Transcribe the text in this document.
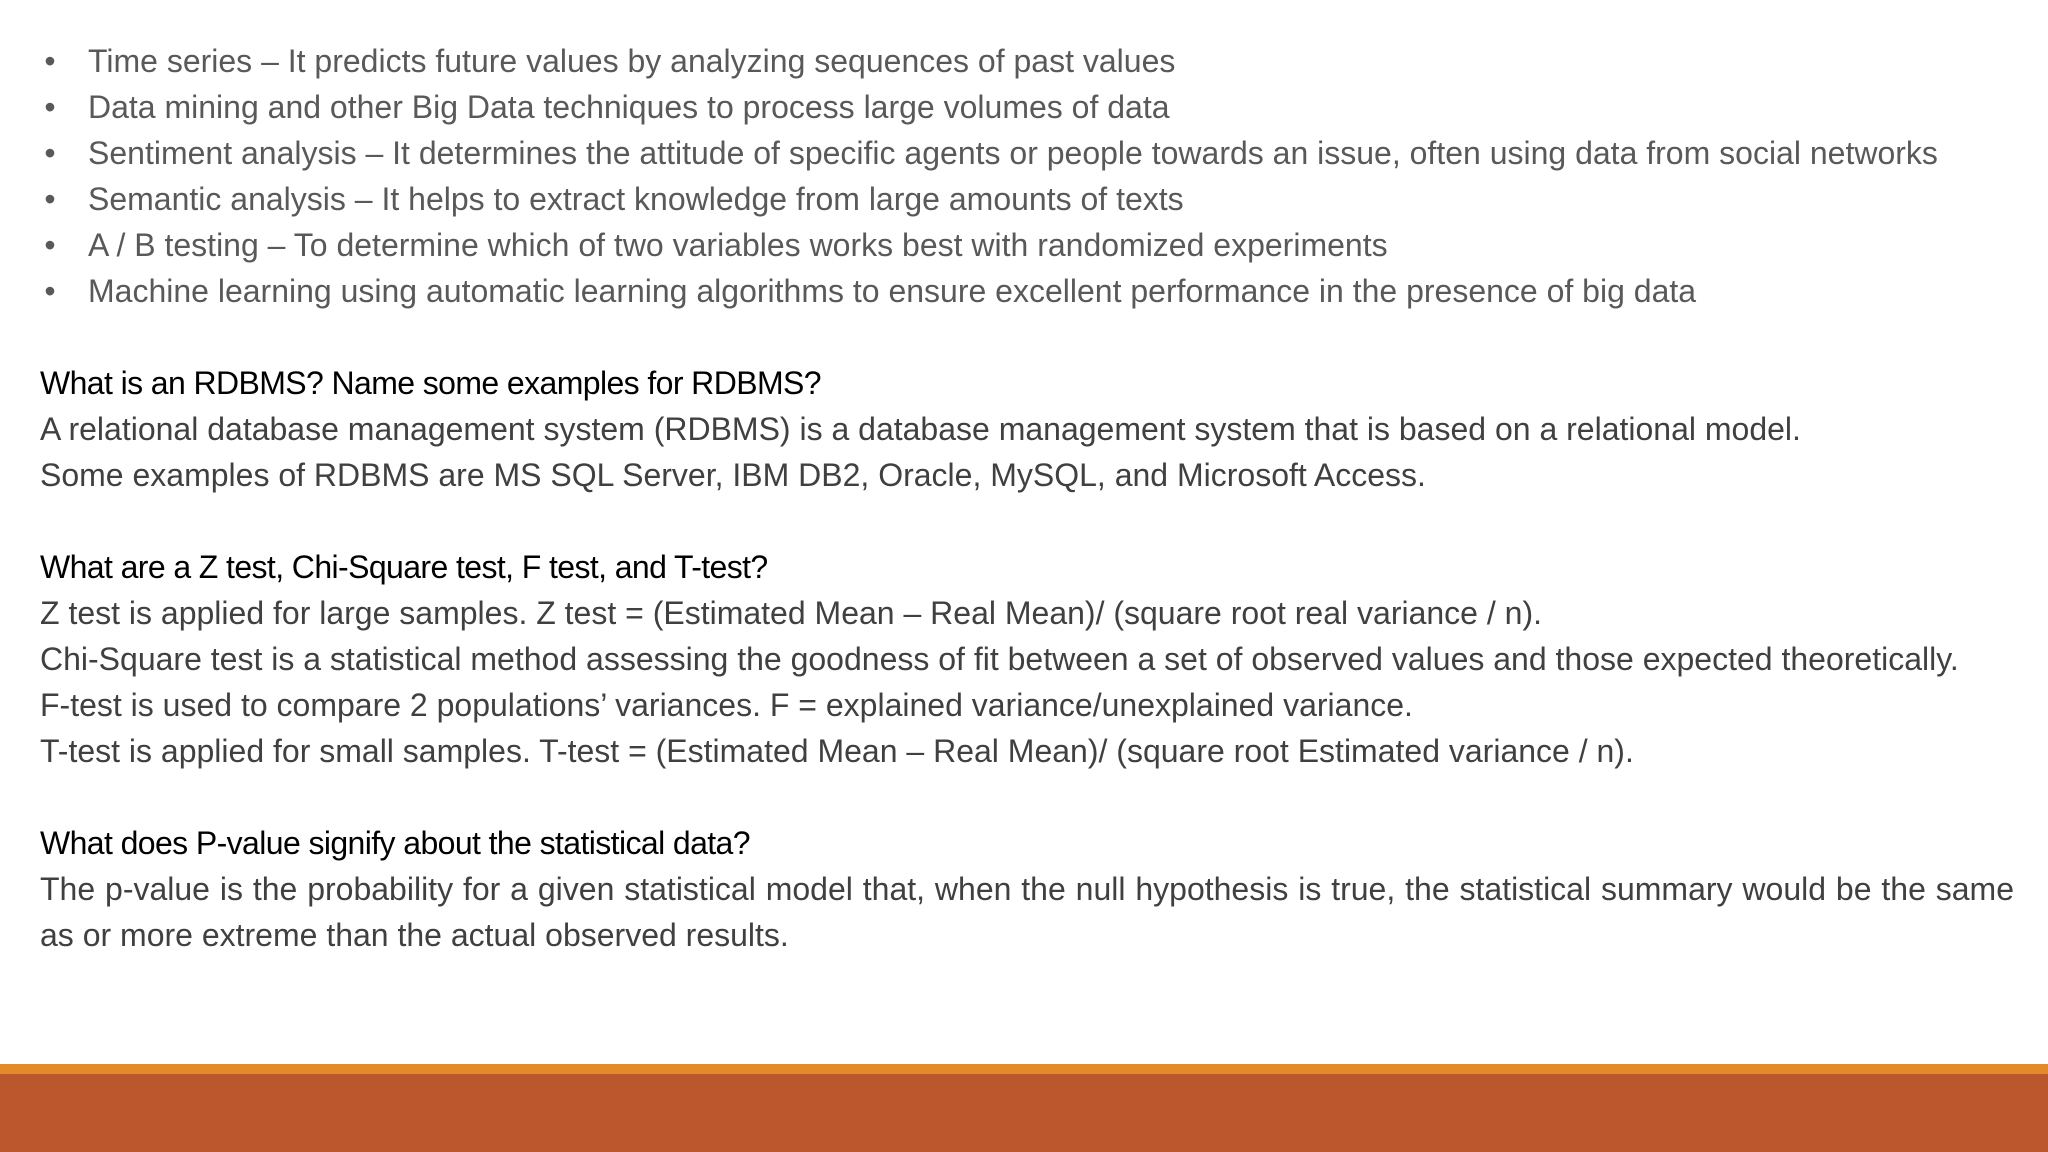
• Time series – It predicts future values by analyzing sequences of past values
• Data mining and other Big Data techniques to process large volumes of data
• Sentiment analysis – It determines the attitude of specific agents or people towards an issue, often using data from social networks
• Semantic analysis – It helps to extract knowledge from large amounts of texts
• A / B testing – To determine which of two variables works best with randomized experiments
• Machine learning using automatic learning algorithms to ensure excellent performance in the presence of big data

What is an RDBMS? Name some examples for RDBMS?

A relational database management system (RDBMS) is a database management system that is based on a relational model.

Some examples of RDBMS are MS SQL Server, IBM DB2, Oracle, MySQL, and Microsoft Access.

What are a Z test, Chi-Square test, F test, and T-test?

Z test is applied for large samples. Z test = (Estimated Mean – Real Mean)/ (square root real variance / n).

Chi-Square test is a statistical method assessing the goodness of fit between a set of observed values and those expected theoretically.

F-test is used to compare 2 populations’ variances. F = explained variance/unexplained variance.

T-test is applied for small samples. T-test = (Estimated Mean – Real Mean)/ (square root Estimated variance / n).

What does P-value signify about the statistical data?

The p-value is the probability for a given statistical model that, when the null hypothesis is true, the statistical summary would be the same as or more extreme than the actual observed results.
